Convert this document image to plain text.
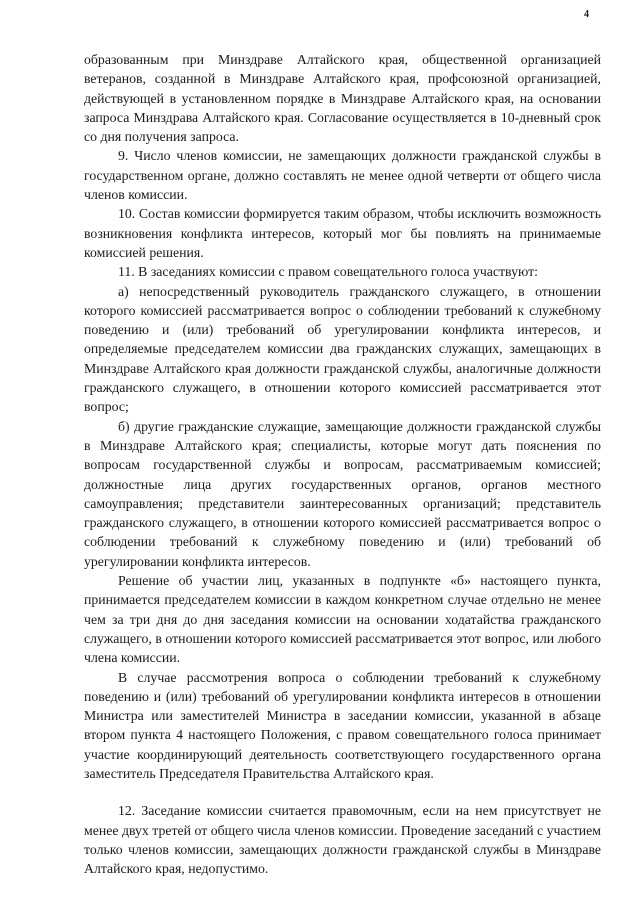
4

образованным при Минздраве Алтайского края, общественной организацией ветеранов, созданной в Минздраве Алтайского края, профсоюзной организацией, действующей в установленном порядке в Минздраве Алтайского края, на основании запроса Минздрава Алтайского края. Согласование осуществляется в 10-дневный срок со дня получения запроса.

9. Число членов комиссии, не замещающих должности гражданской службы в государственном органе, должно составлять не менее одной четверти от общего числа членов комиссии.

10. Состав комиссии формируется таким образом, чтобы исключить возможность возникновения конфликта интересов, который мог бы повлиять на принимаемые комиссией решения.

11. В заседаниях комиссии с правом совещательного голоса участвуют:

а) непосредственный руководитель гражданского служащего, в отношении которого комиссией рассматривается вопрос о соблюдении требований к служебному поведению и (или) требований об урегулировании конфликта интересов, и определяемые председателем комиссии два гражданских служащих, замещающих в Минздраве Алтайского края должности гражданской службы, аналогичные должности гражданского служащего, в отношении которого комиссией рассматривается этот вопрос;

б) другие гражданские служащие, замещающие должности гражданской службы в Минздраве Алтайского края; специалисты, которые могут дать пояснения по вопросам государственной службы и вопросам, рассматриваемым комиссией; должностные лица других государственных органов, органов местного самоуправления; представители заинтересованных организаций; представитель гражданского служащего, в отношении которого комиссией рассматривается вопрос о соблюдении требований к служебному поведению и (или) требований об урегулировании конфликта интересов.

Решение об участии лиц, указанных в подпункте «б» настоящего пункта, принимается председателем комиссии в каждом конкретном случае отдельно не менее чем за три дня до дня заседания комиссии на основании ходатайства гражданского служащего, в отношении которого комиссией рассматривается этот вопрос, или любого члена комиссии.

В случае рассмотрения вопроса о соблюдении требований к служебному поведению и (или) требований об урегулировании конфликта интересов в отношении Министра или заместителей Министра в заседании комиссии, указанной в абзаце втором пункта 4 настоящего Положения, с правом совещательного голоса принимает участие координирующий деятельность соответствующего государственного органа заместитель Председателя Правительства Алтайского края.

12. Заседание комиссии считается правомочным, если на нем присутствует не менее двух третей от общего числа членов комиссии. Проведение заседаний с участием только членов комиссии, замещающих должности гражданской службы в Минздраве Алтайского края, недопустимо.
